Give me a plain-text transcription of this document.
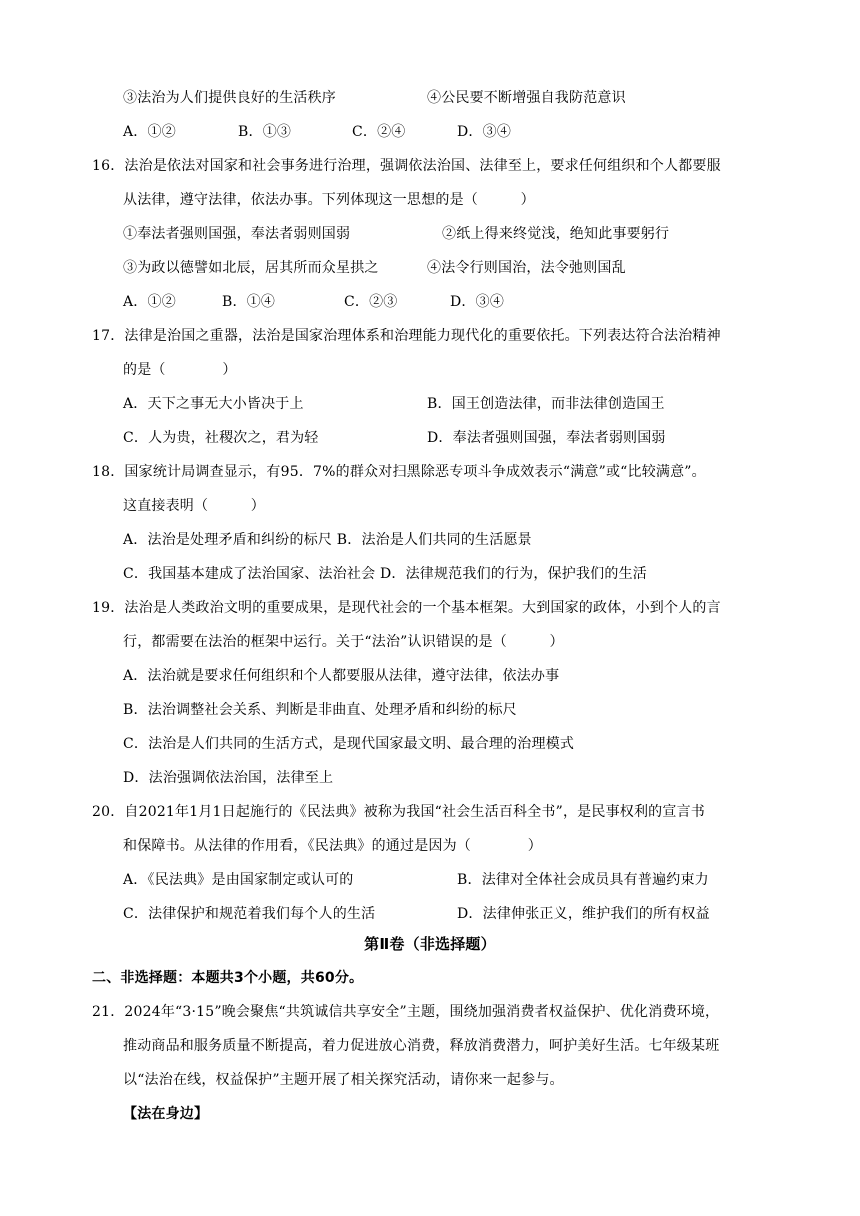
③法治为人们提供良好的生活秩序	④公民要不断增强自我防范意识
A．①②	B．①③	C．②④	D．③④
16．法治是依法对国家和社会事务进行治理，强调依法治国、法律至上，要求任何组织和个人都要服
从法律，遵守法律，依法办事。下列体现这一思想的是（　　　）
①奉法者强则国强，奉法者弱则国弱	②纸上得来终觉浅，绝知此事要躬行
③为政以德譬如北辰，居其所而众星拱之	④法令行则国治，法令弛则国乱
A．①②	B．①④	C．②③	D．③④
17．法律是治国之重器，法治是国家治理体系和治理能力现代化的重要依托。下列表达符合法治精神
的是（　　　　）
A．天下之事无大小皆决于上	B．国王创造法律，而非法律创造国王
C．人为贵，社稷次之，君为轻	D．奉法者强则国强，奉法者弱则国弱
18．国家统计局调查显示，有95．7%的群众对扫黑除恶专项斗争成效表示“满意”或“比较满意”。
这直接表明（　　　）
A．法治是处理矛盾和纠纷的标尺 B．法治是人们共同的生活愿景
C．我国基本建成了法治国家、法治社会 D．法律规范我们的行为，保护我们的生活
19．法治是人类政治文明的重要成果，是现代社会的一个基本框架。大到国家的政体，小到个人的言
行，都需要在法治的框架中运行。关于“法治”认识错误的是（　　　）
A．法治就是要求任何组织和个人都要服从法律，遵守法律，依法办事
B．法治调整社会关系、判断是非曲直、处理矛盾和纠纷的标尺
C．法治是人们共同的生活方式，是现代国家最文明、最合理的治理模式
D．法治强调依法治国，法律至上
20．自2021年1月1日起施行的《民法典》被称为我国“社会生活百科全书”，是民事权利的宣言书
和保障书。从法律的作用看，《民法典》的通过是因为（　　　　）
A．《民法典》是由国家制定或认可的	B．法律对全体社会成员具有普遍约束力
C．法律保护和规范着我们每个人的生活	D．法律伸张正义，维护我们的所有权益
第Ⅱ卷（非选择题）
二、非选择题：本题共3个小题，共60分。
21．2024年“3·15”晚会聚焦“共筑诚信共享安全”主题，围绕加强消费者权益保护、优化消费环境，
推动商品和服务质量不断提高，着力促进放心消费，释放消费潜力，呵护美好生活。七年级某班
以“法治在线，权益保护”主题开展了相关探究活动，请你来一起参与。
【法在身边】
